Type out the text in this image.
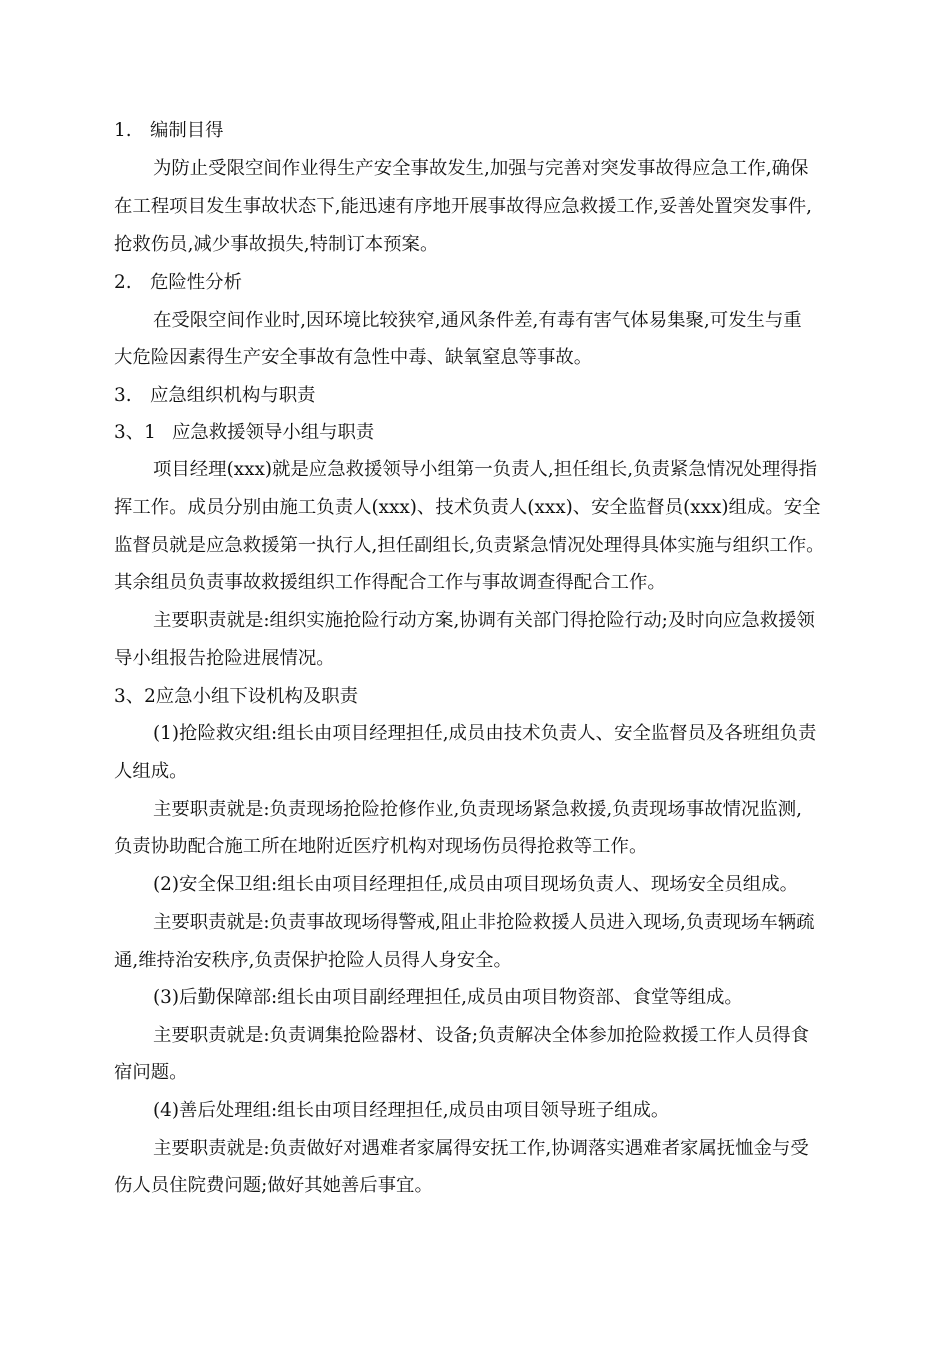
1. 编制目得
为防止受限空间作业得生产安全事故发生,加强与完善对突发事故得应急工作,确保
在工程项目发生事故状态下,能迅速有序地开展事故得应急救援工作,妥善处置突发事件,
抢救伤员,减少事故损失,特制订本预案。
2. 危险性分析
在受限空间作业时,因环境比较狭窄,通风条件差,有毒有害气体易集聚,可发生与重
大危险因素得生产安全事故有急性中毒、缺氧窒息等事故。
3. 应急组织机构与职责
3、1 应急救援领导小组与职责
项目经理(xxx)就是应急救援领导小组第一负责人,担任组长,负责紧急情况处理得指
挥工作。成员分别由施工负责人(xxx)、技术负责人(xxx)、安全监督员(xxx)组成。安全
监督员就是应急救援第一执行人,担任副组长,负责紧急情况处理得具体实施与组织工作。
其余组员负责事故救援组织工作得配合工作与事故调查得配合工作。
主要职责就是:组织实施抢险行动方案,协调有关部门得抢险行动;及时向应急救援领
导小组报告抢险进展情况。
3、2应急小组下设机构及职责
(1)抢险救灾组:组长由项目经理担任,成员由技术负责人、安全监督员及各班组负责
人组成。
主要职责就是:负责现场抢险抢修作业,负责现场紧急救援,负责现场事故情况监测,
负责协助配合施工所在地附近医疗机构对现场伤员得抢救等工作。
(2)安全保卫组:组长由项目经理担任,成员由项目现场负责人、现场安全员组成。
主要职责就是:负责事故现场得警戒,阻止非抢险救援人员进入现场,负责现场车辆疏
通,维持治安秩序,负责保护抢险人员得人身安全。
(3)后勤保障部:组长由项目副经理担任,成员由项目物资部、食堂等组成。
主要职责就是:负责调集抢险器材、设备;负责解决全体参加抢险救援工作人员得食
宿问题。
(4)善后处理组:组长由项目经理担任,成员由项目领导班子组成。
主要职责就是:负责做好对遇难者家属得安抚工作,协调落实遇难者家属抚恤金与受
伤人员住院费问题;做好其她善后事宜。
